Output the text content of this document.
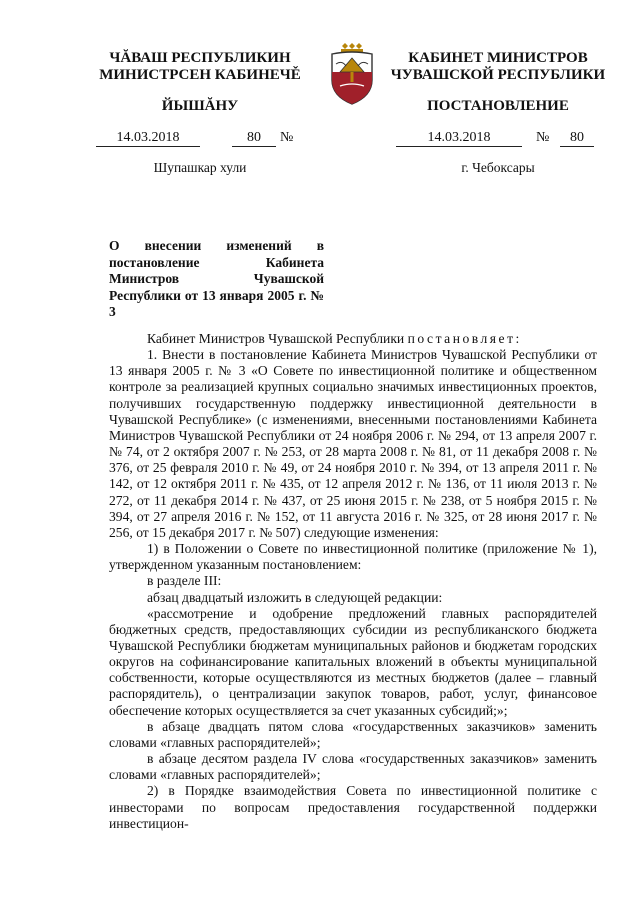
ЧĂВАШ РЕСПУБЛИКИН
МИНИСТРСЕН КАБИНЕЧĚ
КАБИНЕТ МИНИСТРОВ
ЧУВАШСКОЙ РЕСПУБЛИКИ
ЙЫШĂНУ	ПОСТАНОВЛЕНИЕ
14.03.2018	80	№	14.03.2018	№	80
Шупашкар хули	г. Чебоксары
О внесении изменений в постановление Кабинета Министров Чувашской Республики от 13 января 2005 г. № 3

Кабинет Министров Чувашской Республики постановляет:

1. Внести в постановление Кабинета Министров Чувашской Республики от 13 января 2005 г. № 3 «О Совете по инвестиционной политике и общественном контроле за реализацией крупных социально значимых инвестиционных проектов, получивших государственную поддержку инвестиционной деятельности в Чувашской Республике» (с изменениями, внесенными постановлениями Кабинета Министров Чувашской Республики от 24 ноября 2006 г. № 294, от 13 апреля 2007 г. № 74, от 2 октября 2007 г. № 253, от 28 марта 2008 г. № 81, от 11 декабря 2008 г. № 376, от 25 февраля 2010 г. № 49, от 24 ноября 2010 г. № 394, от 13 апреля 2011 г. № 142, от 12 октября 2011 г. № 435, от 12 апреля 2012 г. № 136, от 11 июля 2013 г. № 272, от 11 декабря 2014 г. № 437, от 25 июня 2015 г. № 238, от 5 ноября 2015 г. № 394, от 27 апреля 2016 г. № 152, от 11 августа 2016 г. № 325, от 28 июня 2017 г. № 256, от 15 декабря 2017 г. № 507) следующие изменения:

1) в Положении о Совете по инвестиционной политике (приложение № 1), утвержденном указанным постановлением:

в разделе III:

абзац двадцатый изложить в следующей редакции:

«рассмотрение и одобрение предложений главных распорядителей бюджетных средств, предоставляющих субсидии из республиканского бюджета Чувашской Республики бюджетам муниципальных районов и бюджетам городских округов на софинансирование капитальных вложений в объекты муниципальной собственности, которые осуществляются из местных бюджетов (далее – главный распорядитель), о централизации закупок товаров, работ, услуг, финансовое обеспечение которых осуществляется за счет указанных субсидий;»;

в абзаце двадцать пятом слова «государственных заказчиков» заменить словами «главных распорядителей»;

в абзаце десятом раздела IV слова «государственных заказчиков» заменить словами «главных распорядителей»;

2) в Порядке взаимодействия Совета по инвестиционной политике с инвесторами по вопросам предоставления государственной поддержки инвестицион-
